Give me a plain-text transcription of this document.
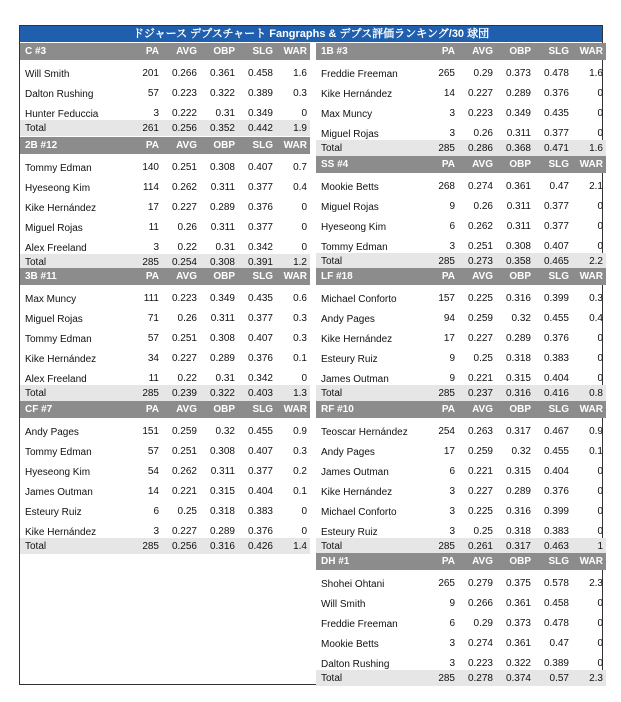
ドジャース デプスチャート Fangraphs & デプス評価ランキング/30 球団
C #3	PA	AVG	OBP	SLG	WAR
Will Smith	201	0.266	0.361	0.458	1.6
Dalton Rushing	57	0.223	0.322	0.389	0.3
Hunter Feduccia	3	0.222	0.31	0.349	0
Total	261	0.256	0.352	0.442	1.9
1B #3	PA	AVG	OBP	SLG	WAR
Freddie Freeman	265	0.29	0.373	0.478	1.6
Kike Hernández	14	0.227	0.289	0.376	0
Max Muncy	3	0.223	0.349	0.435	0
Miguel Rojas	3	0.26	0.311	0.377	0
Total	285	0.286	0.368	0.471	1.6
2B #12	PA	AVG	OBP	SLG	WAR
Tommy Edman	140	0.251	0.308	0.407	0.7
Hyeseong Kim	114	0.262	0.311	0.377	0.4
Kike Hernández	17	0.227	0.289	0.376	0
Miguel Rojas	11	0.26	0.311	0.377	0
Alex Freeland	3	0.22	0.31	0.342	0
Total	285	0.254	0.308	0.391	1.2
SS #4	PA	AVG	OBP	SLG	WAR
Mookie Betts	268	0.274	0.361	0.47	2.1
Miguel Rojas	9	0.26	0.311	0.377	0
Hyeseong Kim	6	0.262	0.311	0.377	0
Tommy Edman	3	0.251	0.308	0.407	0
Total	285	0.273	0.358	0.465	2.2
3B #11	PA	AVG	OBP	SLG	WAR
Max Muncy	111	0.223	0.349	0.435	0.6
Miguel Rojas	71	0.26	0.311	0.377	0.3
Tommy Edman	57	0.251	0.308	0.407	0.3
Kike Hernández	34	0.227	0.289	0.376	0.1
Alex Freeland	11	0.22	0.31	0.342	0
Total	285	0.239	0.322	0.403	1.3
LF #18	PA	AVG	OBP	SLG	WAR
Michael Conforto	157	0.225	0.316	0.399	0.3
Andy Pages	94	0.259	0.32	0.455	0.4
Kike Hernández	17	0.227	0.289	0.376	0
Esteury Ruiz	9	0.25	0.318	0.383	0
James Outman	9	0.221	0.315	0.404	0
Total	285	0.237	0.316	0.416	0.8
CF #7	PA	AVG	OBP	SLG	WAR
Andy Pages	151	0.259	0.32	0.455	0.9
Tommy Edman	57	0.251	0.308	0.407	0.3
Hyeseong Kim	54	0.262	0.311	0.377	0.2
James Outman	14	0.221	0.315	0.404	0.1
Esteury Ruiz	6	0.25	0.318	0.383	0
Kike Hernández	3	0.227	0.289	0.376	0
Total	285	0.256	0.316	0.426	1.4
RF #10	PA	AVG	OBP	SLG	WAR
Teoscar Hernández	254	0.263	0.317	0.467	0.9
Andy Pages	17	0.259	0.32	0.455	0.1
James Outman	6	0.221	0.315	0.404	0
Kike Hernández	3	0.227	0.289	0.376	0
Michael Conforto	3	0.225	0.316	0.399	0
Esteury Ruiz	3	0.25	0.318	0.383	0
Total	285	0.261	0.317	0.463	1
DH #1	PA	AVG	OBP	SLG	WAR
Shohei Ohtani	265	0.279	0.375	0.578	2.3
Will Smith	9	0.266	0.361	0.458	0
Freddie Freeman	6	0.29	0.373	0.478	0
Mookie Betts	3	0.274	0.361	0.47	0
Dalton Rushing	3	0.223	0.322	0.389	0
Total	285	0.278	0.374	0.57	2.3
